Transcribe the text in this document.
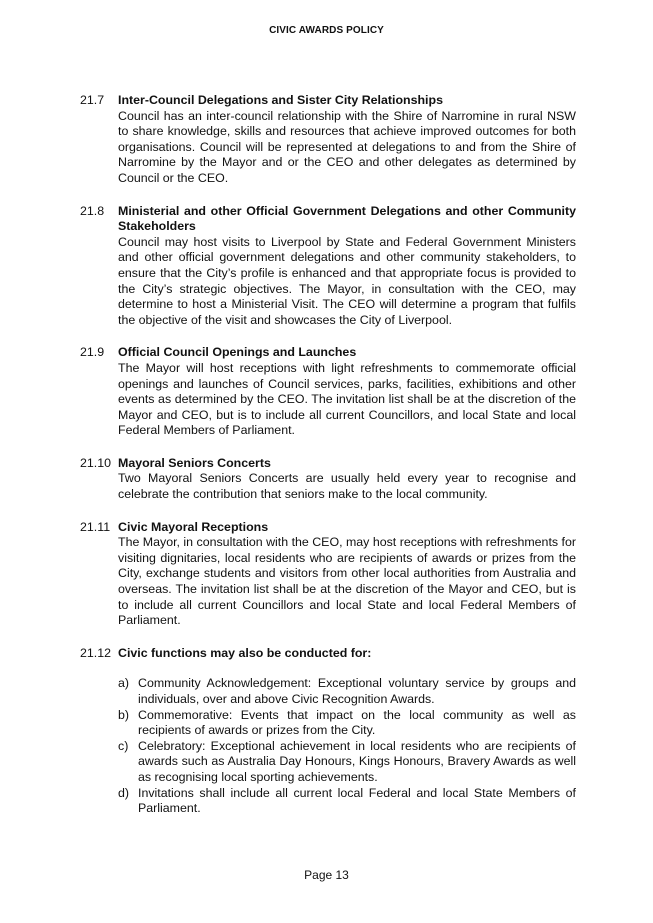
CIVIC AWARDS POLICY
21.7	Inter-Council Delegations and Sister City Relationships

Council has an inter-council relationship with the Shire of Narromine in rural NSW to share knowledge, skills and resources that achieve improved outcomes for both organisations. Council will be represented at delegations to and from the Shire of Narromine by the Mayor and or the CEO and other delegates as determined by Council or the CEO.

21.8	Ministerial and other Official Government Delegations and other Community Stakeholders

Council may host visits to Liverpool by State and Federal Government Ministers and other official government delegations and other community stakeholders, to ensure that the City’s profile is enhanced and that appropriate focus is provided to the City’s strategic objectives. The Mayor, in consultation with the CEO, may determine to host a Ministerial Visit. The CEO will determine a program that fulfils the objective of the visit and showcases the City of Liverpool.

21.9	Official Council Openings and Launches

The Mayor will host receptions with light refreshments to commemorate official openings and launches of Council services, parks, facilities, exhibitions and other events as determined by the CEO. The invitation list shall be at the discretion of the Mayor and CEO, but is to include all current Councillors, and local State and local Federal Members of Parliament.

21.10 Mayoral Seniors Concerts

Two Mayoral Seniors Concerts are usually held every year to recognise and celebrate the contribution that seniors make to the local community.

21.11 Civic Mayoral Receptions

The Mayor, in consultation with the CEO, may host receptions with refreshments for visiting dignitaries, local residents who are recipients of awards or prizes from the City, exchange students and visitors from other local authorities from Australia and overseas. The invitation list shall be at the discretion of the Mayor and CEO, but is to include all current Councillors and local State and local Federal Members of Parliament.

21.12 Civic functions may also be conducted for:
a) Community Acknowledgement: Exceptional voluntary service by groups and individuals, over and above Civic Recognition Awards.
b) Commemorative: Events that impact on the local community as well as recipients of awards or prizes from the City.
c) Celebratory: Exceptional achievement in local residents who are recipients of awards such as Australia Day Honours, Kings Honours, Bravery Awards as well as recognising local sporting achievements.
d) Invitations shall include all current local Federal and local State Members of Parliament.
Page 13
